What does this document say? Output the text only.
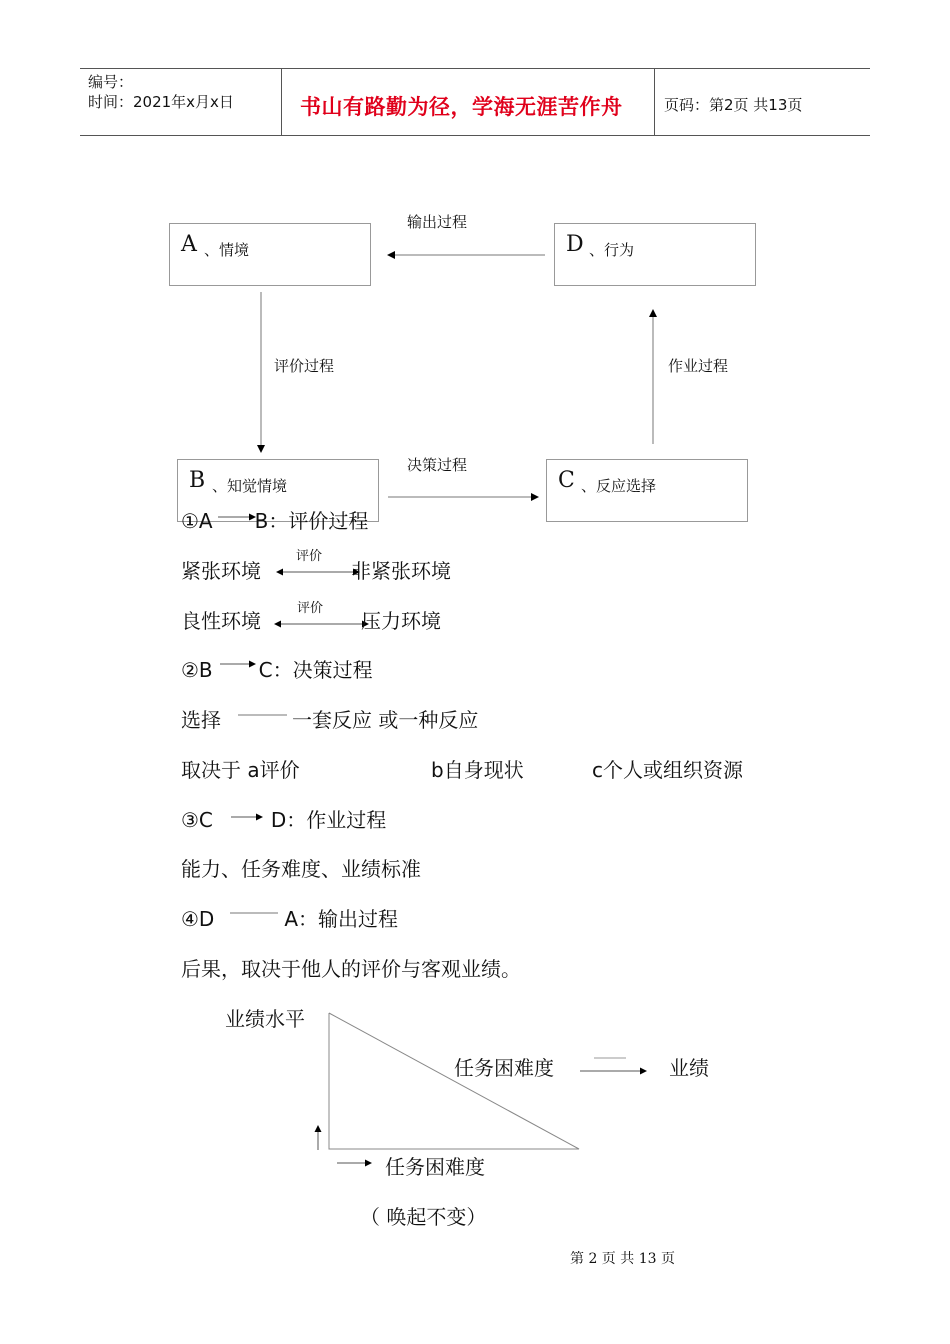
编号：
时间：2021年x月x日	书山有路勤为径，学海无涯苦作舟	页码：第2页 共13页
A 、情境	D 、行为
B 、知觉情境	C 、反应选择
输出过程
评价过程
决策过程
作业过程
①A B：评价过程
紧张环境	非紧张环境
评价
良性环境	压力环境
评价
②B C：决策过程
选择	一套反应 或一种反应
取决于 a评价	b自身现状	c个人或组织资源
③C	D：作业过程
能力、任务难度、业绩标准
④D	A：输出过程
后果，取决于他人的评价与客观业绩。
业绩水平
任务困难度	业绩
任务困难度
（ 唤起不变）
第 2 页 共 13 页
